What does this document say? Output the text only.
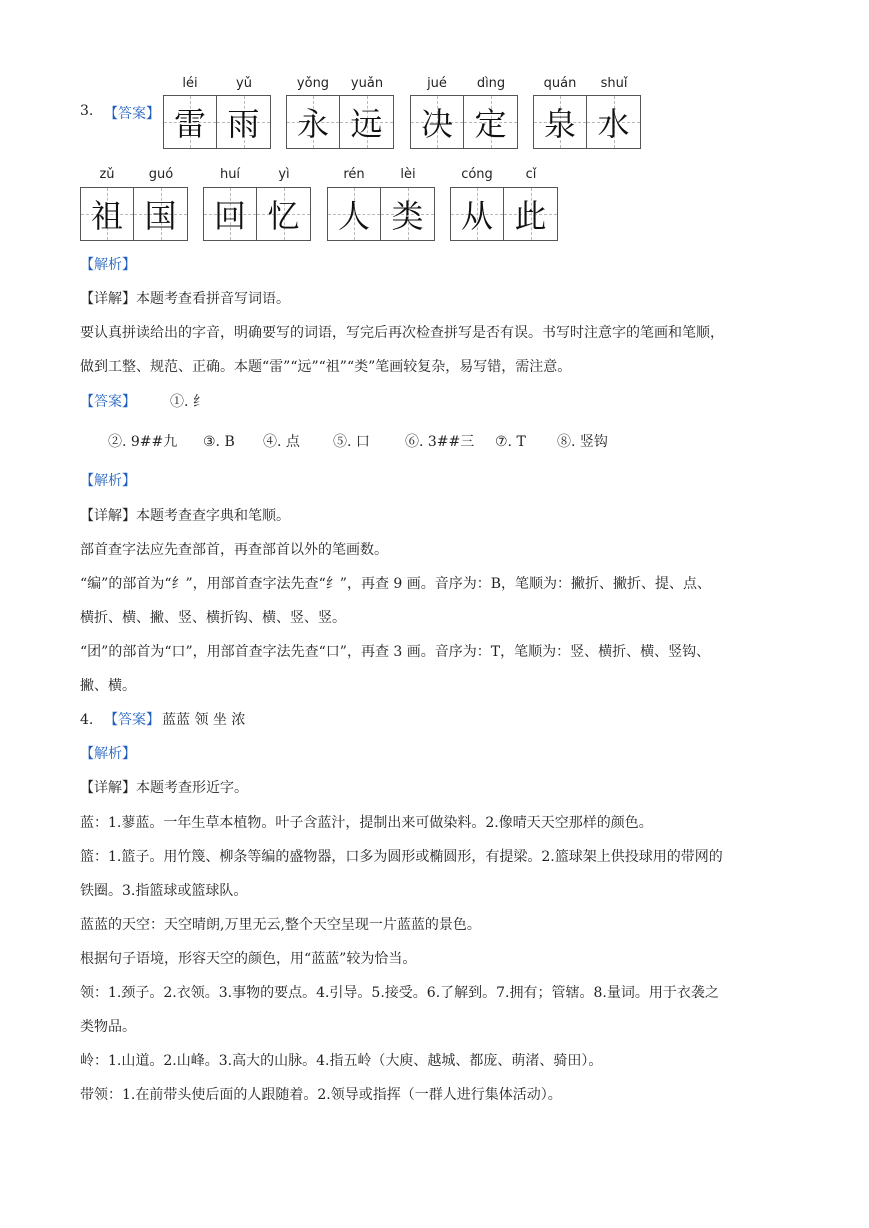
3. 【答案】
léi	yǔ
雷 雨
yǒng	yuǎn
永 远
jué	dìng
决 定
quán	shuǐ
泉 水
zǔ	guó
祖 国
huí	yì
回 忆
rén	lèi
人 类
cóng	cǐ
从 此
【解析】
【详解】本题考查看拼音写词语。
要认真拼读给出的字音，明确要写的词语，写完后再次检查拼写是否有误。书写时注意字的笔画和笔顺，
做到工整、规范、正确。本题“雷”“远”“祖”“类”笔画较复杂，易写错，需注意。
【答案】 ①. 纟
②. 9##九	③. B	④. 点	⑤. 口	⑥. 3##三	⑦. T	⑧. 竖钩
【解析】
【详解】本题考查查字典和笔顺。
部首查字法应先查部首，再查部首以外的笔画数。
“编”的部首为“纟”，用部首查字法先查“纟”，再查 9 画。音序为：B，笔顺为：撇折、撇折、提、点、
横折、横、撇、竖、横折钩、横、竖、竖。
“团”的部首为“口”，用部首查字法先查“口”，再查 3 画。音序为：T，笔顺为：竖、横折、横、竖钩、
撇、横。
4. 【答案】 蓝蓝 领 坐 浓
【解析】
【详解】本题考查形近字。
蓝：1.蓼蓝。一年生草本植物。叶子含蓝汁，提制出来可做染料。2.像晴天天空那样的颜色。
篮：1.篮子。用竹篾、柳条等编的盛物器，口多为圆形或椭圆形，有提梁。2.篮球架上供投球用的带网的
铁圈。3.指篮球或篮球队。
蓝蓝的天空：天空晴朗,万里无云,整个天空呈现一片蓝蓝的景色。
根据句子语境，形容天空的颜色，用“蓝蓝”较为恰当。
领：1.颈子。2.衣领。3.事物的要点。4.引导。5.接受。6.了解到。7.拥有；管辖。8.量词。用于衣袭之
类物品。
岭：1.山道。2.山峰。3.高大的山脉。4.指五岭（大庾、越城、都庞、萌渚、骑田）。
带领：1.在前带头使后面的人跟随着。2.领导或指挥（一群人进行集体活动）。
